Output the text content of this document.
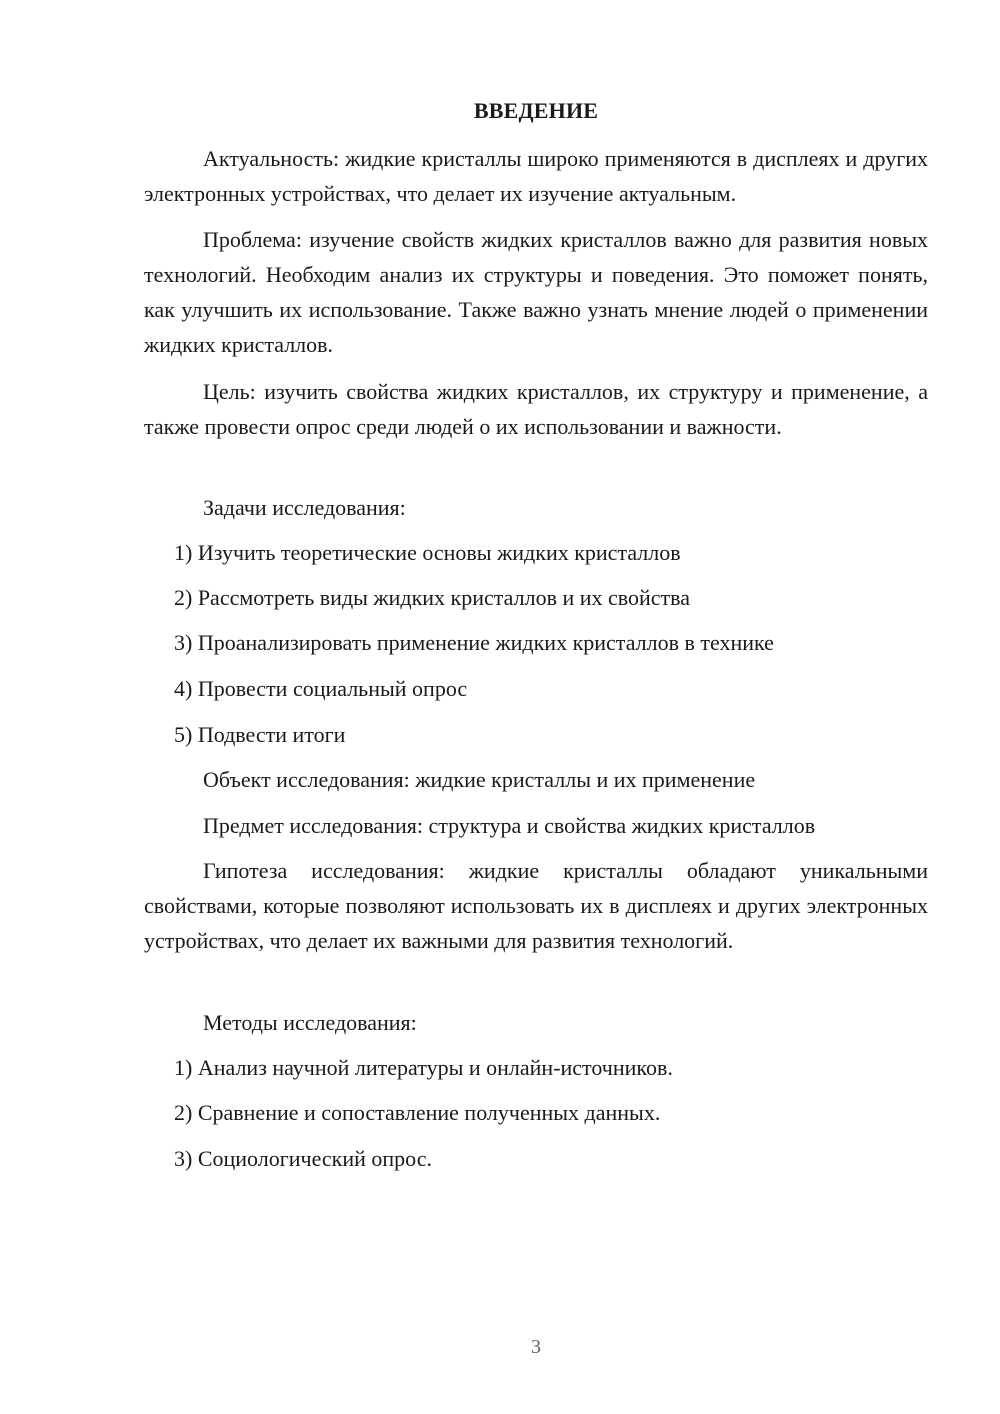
ВВЕДЕНИЕ

Актуальность: жидкие кристаллы широко применяются в дисплеях и других электронных устройствах, что делает их изучение актуальным.

Проблема: изучение свойств жидких кристаллов важно для развития новых технологий. Необходим анализ их структуры и поведения. Это поможет понять, как улучшить их использование. Также важно узнать мнение людей о применении жидких кристаллов.

Цель: изучить свойства жидких кристаллов, их структуру и применение, а также провести опрос среди людей о их использовании и важности.

Задачи исследования:

1) Изучить теоретические основы жидких кристаллов

2) Рассмотреть виды жидких кристаллов и их свойства

3) Проанализировать применение жидких кристаллов в технике

4) Провести социальный опрос

5) Подвести итоги

Объект исследования: жидкие кристаллы и их применение

Предмет исследования: структура и свойства жидких кристаллов

Гипотеза исследования: жидкие кристаллы обладают уникальными свойствами, которые позволяют использовать их в дисплеях и других электронных устройствах, что делает их важными для развития технологий.

Методы исследования:

1) Анализ научной литературы и онлайн-источников.

2) Сравнение и сопоставление полученных данных.

3) Социологический опрос.

3
